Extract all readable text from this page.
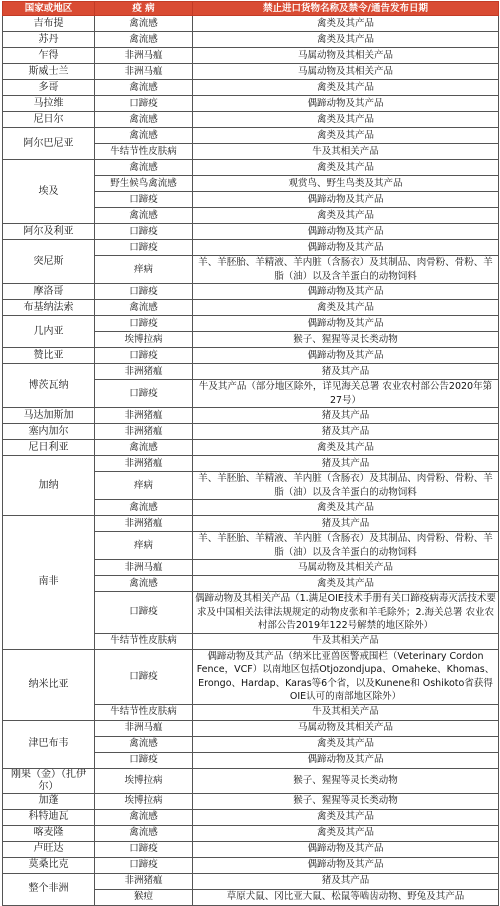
国家或地区	疫 病	禁止进口货物名称及禁令/通告发布日期
吉布提	禽流感	禽类及其产品
苏丹	禽流感	禽类及其产品
乍得	非洲马瘟	马属动物及其相关产品
斯威士兰	非洲马瘟	马属动物及其相关产品
多哥	禽流感	禽类及其产品
马拉维	口蹄疫	偶蹄动物及其产品
尼日尔	禽流感	禽类及其产品
阿尔巴尼亚	禽流感	禽类及其产品
	牛结节性皮肤病	牛及其相关产品
埃及	禽流感	禽类及其产品
	野生候鸟禽流感	观赏鸟、野生鸟类及其产品
	口蹄疫	偶蹄动物及其产品
	禽流感	禽类及其产品
阿尔及利亚	口蹄疫	偶蹄动物及其产品
突尼斯	口蹄疫	偶蹄动物及其产品
	痒病	羊、羊胚胎、羊精液、羊内脏（含肠衣）及其制品、肉骨粉、骨粉、羊脂（油）以及含羊蛋白的动物饲料
摩洛哥	口蹄疫	偶蹄动物及其产品
布基纳法索	禽流感	禽类及其产品
几内亚	口蹄疫	偶蹄动物及其产品
	埃博拉病	猴子、猩猩等灵长类动物
赞比亚	口蹄疫	偶蹄动物及其产品
博茨瓦纳	非洲猪瘟	猪及其产品
	口蹄疫	牛及其产品（部分地区除外，详见海关总署 农业农村部公告2020年第27号）
马达加斯加	非洲猪瘟	猪及其产品
塞内加尔	非洲猪瘟	猪及其产品
尼日利亚	禽流感	禽类及其产品
加纳	非洲猪瘟	猪及其产品
	痒病	羊、羊胚胎、羊精液、羊内脏（含肠衣）及其制品、肉骨粉、骨粉、羊脂（油）以及含羊蛋白的动物饲料
	禽流感	禽类及其产品
南非	非洲猪瘟	猪及其产品
	痒病	羊、羊胚胎、羊精液、羊内脏（含肠衣）及其制品、肉骨粉、骨粉、羊脂（油）以及含羊蛋白的动物饲料
	非洲马瘟	马属动物及其相关产品
	禽流感	禽类及其产品
	口蹄疫	偶蹄动物及其相关产品（1.满足OIE技术手册有关口蹄疫病毒灭活技术要求及中国相关法律法规规定的动物皮张和羊毛除外；2.海关总署 农业农村部公告2019年122号解禁的地区除外）
	牛结节性皮肤病	牛及其相关产品
纳米比亚	口蹄疫	偶蹄动物及其产品（纳米比亚兽医警戒围栏（Veterinary Cordon Fence，VCF）以南地区包括Otjozondjupa、Omaheke、Khomas、Erongo、Hardap、Karas等6个省，以及Kunene和 Oshikoto省获得OIE认可的南部地区除外）
	牛结节性皮肤病	牛及其相关产品
津巴布韦	非洲马瘟	马属动物及其相关产品
	禽流感	禽类及其产品
	口蹄疫	偶蹄动物及其产品
刚果（金）（扎伊尔）	埃博拉病	猴子、猩猩等灵长类动物
加蓬	埃博拉病	猴子、猩猩等灵长类动物
科特迪瓦	禽流感	禽类及其产品
喀麦隆	禽流感	禽类及其产品
卢旺达	口蹄疫	偶蹄动物及其产品
莫桑比克	口蹄疫	偶蹄动物及其产品
整个非洲	非洲猪瘟	猪及其产品
	猴痘	草原犬鼠、冈比亚大鼠、松鼠等啮齿动物、野兔及其产品
